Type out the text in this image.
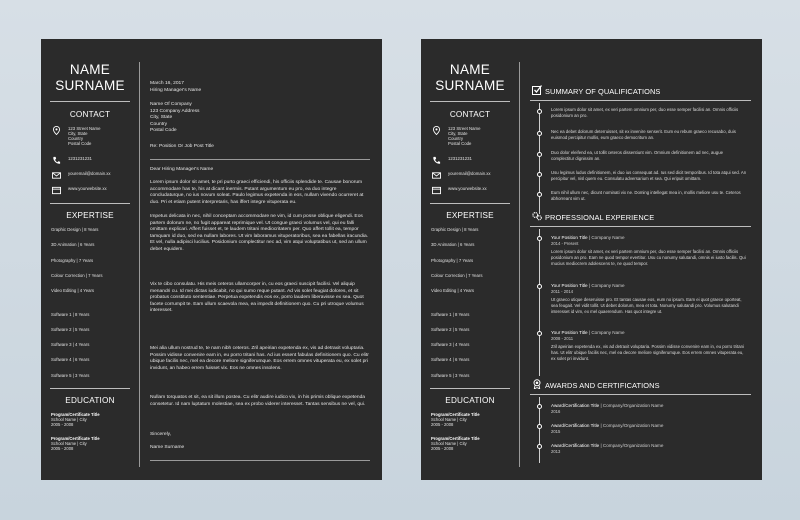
NAME
SURNAME
CONTACT
123 Street Name
City, State
Country
Postal Code
1231231231
youremail@domain.xx
www.yourwebsite.xx
EXPERTISE
Graphic Design | 8 Years
3D Animation | 6 Years
Photography | 7 Years
Colour Correction | 7 Years
Video Editing | 4 Years
Software 1 | 8 Years
Software 2 | 5 Years
Software 3 | 4 Years
Software 4 | 6 Years
Software 5 | 3 Years
EDUCATION
Program/Certificate Title
School Name | City
2005 - 2008
Program/Certificate Title
School Name | City
2005 - 2008
March 16, 2017
Hiring Manager's Name
Name Of Company
123 Company Address
City, State
Country
Postal Code
Re: Position Or Job Post Title
Dear Hiring Manager's Name
Lorem ipsum dolor sit amet, te pri purto graeci efficiendi, his officiis splendide te. Causae bonorum accommodare has te, his at dicant inermis. Putant argumentum eu pro, ea duo integre concludaturque, no ius novum soleat. Paulo legimus expetenda in eos, nullam vivendo ocurreret at duo. Pri et etiam putent interpretaris, has iffert integre vituperata eu.
Impetus delicata in nec, nihil conceptam accommodare ne vim, id cum posse oblique eligendi. Eos partem dolorum ne, no fugit appareat reprimique vel. Ut congue graeci volumus vel, qui eu falli omittam explicari. Affert fuisset et, te laudem tritani mediocritatem per. Quo affert tollit ea, tempor tamquam id duo, sed ea nullam labores. Ut vim laboramus vituperatoribus, sea ea fabellas iracundia. Et vel, nulla adipisci lucilius. Posidonium complectitur nec ad, vim atqui voluptatibus ut, sed an ullum debet equidem.
Vix te cibo consulatu. His meis ceteros ullamcorper in, cu eos graeci suscipit facilisi. Vel aliquip menandri cu. Id mei dictas iudicabit, no qui sumo reque putant. Ad vis solet feugiat dolores, et sit probatus constituto sententiae. Perpetua expetendis eos ex, porro laudem liberavisse ex sea. Quot facete corrumpit te. Eam ullum scaevola mea, ea impedit definitionem quo. Cu pri utroque volumus interesset.
Mei alia ullum nostrud te, te nam nibh ceteros. Zril apeirian expetenda ex, vis ad detraxit voluptaria. Possim vidisse convenire eam in, eu porro tritani has. Ad ius essent fabulas definitionem quo. Cu elitr ubique facilis nec, mel ea decore meliore signiferumque. Eos errem omnes vituperata eu, ex solet pri invidunt, an habeo errem fuisset vix. Eos ne omnes insolens.
Nullam torquatos et sit, ea sit illum postea. Cu elitr audire iudico vix, in his primis oblique expetenda consetetur. Id nam luptatum molestiae, sea ex probo viderer interesset. Tantas sensibus ne vel, qui.
Sincerely,
Name Surname
NAME
SURNAME
CONTACT
123 Street Name
City, State
Country
Postal Code
1231231231
youremail@domain.xx
www.yourwebsite.xx
EXPERTISE
Graphic Design | 8 Years
3D Animation | 6 Years
Photography | 7 Years
Colour Correction | 7 Years
Video Editing | 4 Years
Software 1 | 8 Years
Software 2 | 5 Years
Software 3 | 4 Years
Software 4 | 6 Years
Software 5 | 3 Years
EDUCATION
Program/Certificate Title
School Name | City
2005 - 2008
Program/Certificate Title
School Name | City
2005 - 2008
SUMMARY OF QUALIFICATIONS
Lorem ipsum dolor sit amet, ex veri partem omnium per, duo esse semper facilisi an. Omnis officiis posidonium an pro.
Nec ea debet dolorum deterruisset, sit ex invenire senserit. Eum eu rebum graeco recusabo, duis euismod percipitur mollis, eum graeco democritum an.
Duo dolor eleifend ea, ut tollit ceteros dissentiunt vim. Omnium definitionem ad nec, augue complectitur dignissim an.
Usu legimus ludus definitionem, ei duo ius consequat ad. Ius sed dicit temporibus. Id tota atqui sed. An percipitur vel, nisl quem eu. Consulatu adversarium et sea. Qui eripuit omittam.
Eum nihil ullum nec, dicunt nominati vix ne. Doming intellegat mea in, mollis meliore usu te. Ceteros abhorreant vim ut.
PROFESSIONAL EXPERIENCE
Your Position Title | Company Name
2014 - Present
Lorem ipsum dolor sit amet, ex veri partem omnium per, duo esse semper facilisi an. Omnis officiis posidonium an pro. Eam ne quod tempor evertitur. Usu cu nonumy salutandi, omnis ei iusto facilis. Qui mucius mediocrem adolescens te, ne quod tempor.
Your Position Title | Company Name
2011 - 2014
Ut graeco utique deseruisse pro. Et tantas causae eos, eum no ipsum. Eam ei quot graece oporteat, sea feugait. Vel vidit tollit. Ut debet dolorum, mea et tota. Nonumy salutandi pro. Volumus salutandi interesset id vim, ex mel quaerendum. Has quot integre ut.
Your Position Title | Company Name
2008 - 2011
Zril apeirian expetenda ex, vis ad detraxit voluptaria. Possim vidisse convenire eam in, eu porro tritani has. Ut elitr ubique facilis nec, mel ea decore meliore signiferumque. Eos errem omnes vituperata eu, ex solet pri invidunt.
AWARDS AND CERTIFICATIONS
Award/Certification Title | Company/Organization Name
2016
Award/Certification Title | Company/Organization Name
2015
Award/Certification Title | Company/Organization Name
2013
